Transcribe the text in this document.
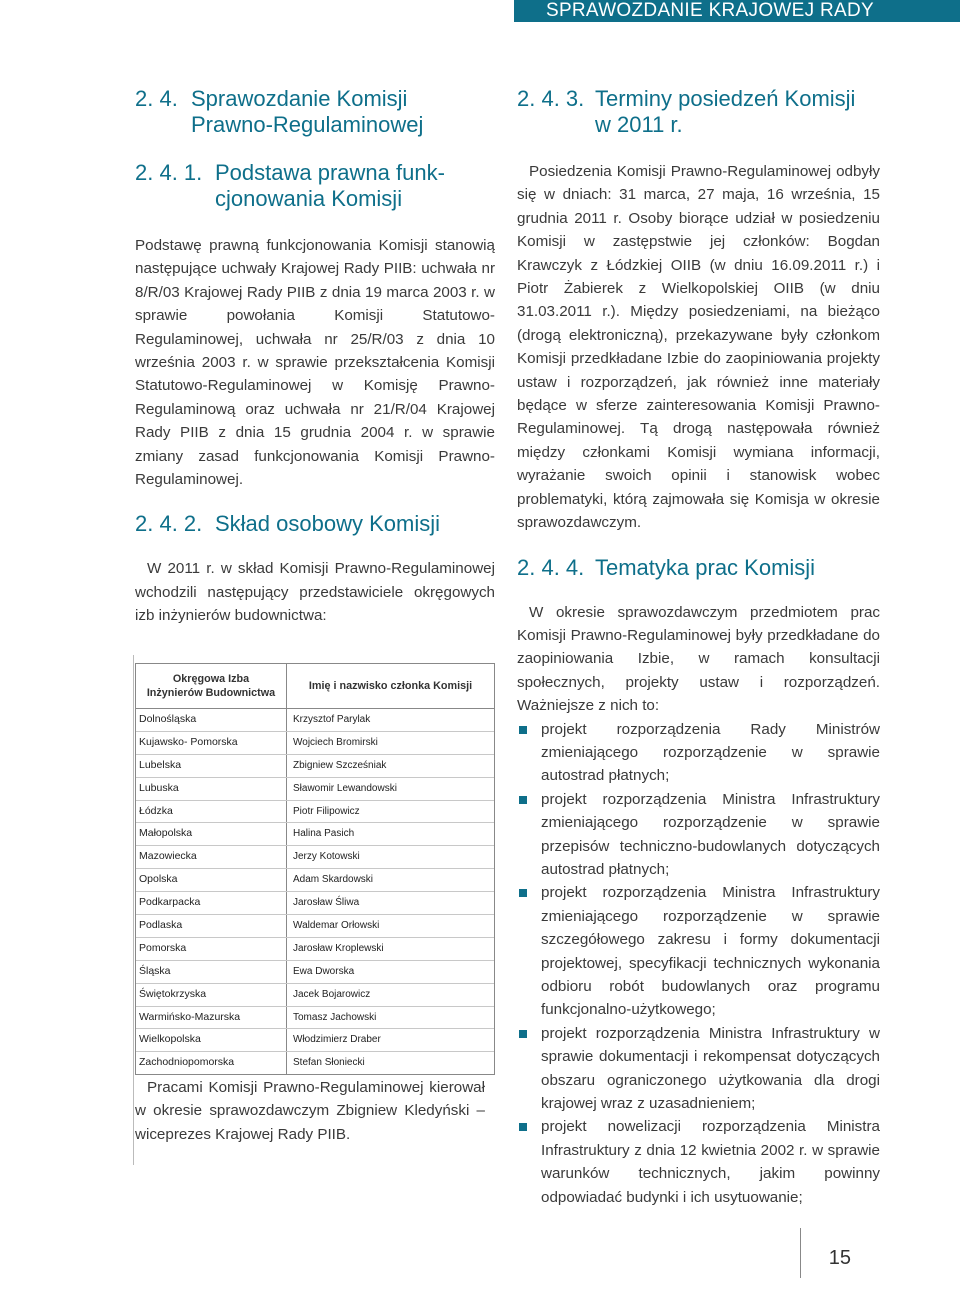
SPRAWOZDANIE KRAJOWEJ RADY
2. 4. Sprawozdanie Komisji
Prawno-Regulaminowej
2. 4. 1. Podstawa prawna funk-
cjonowania Komisji

Podstawę prawną funkcjonowania Komisji stanowią następujące uchwały Krajowej Rady PIIB: uchwała nr 8/R/03 Krajowej Rady PIIB z dnia 19 marca 2003 r. w sprawie powołania Komisji Statutowo-Regulaminowej, uchwała nr 25/R/03 z dnia 10 września 2003 r. w sprawie przekształcenia Komisji Statutowo-Regulaminowej w Komisję Prawno-Regulaminową oraz uchwała nr 21/R/04 Krajowej Rady PIIB z dnia 15 grudnia 2004 r. w sprawie zmiany zasad funkcjonowania Komisji Prawno-Regulaminowej.

2. 4. 2. Skład osobowy Komisji

W 2011 r. w skład Komisji Prawno-Regulaminowej wchodzili następujący przedstawiciele okręgowych izb inżynierów budownictwa:

Okręgowa Izba
Inżynierów Budownictwa
Imię i nazwisko członka Komisji
Dolnośląska	Krzysztof Parylak
Kujawsko- Pomorska	Wojciech Bromirski
Lubelska	Zbigniew Szcześniak
Lubuska	Sławomir Lewandowski
Łódzka	Piotr Filipowicz
Małopolska	Halina Pasich
Mazowiecka	Jerzy Kotowski
Opolska	Adam Skardowski
Podkarpacka	Jarosław Śliwa
Podlaska	Waldemar Orłowski
Pomorska	Jarosław Kroplewski
Śląska	Ewa Dworska
Świętokrzyska	Jacek Bojarowicz
Warmińsko-Mazurska	Tomasz Jachowski
Wielkopolska	Włodzimierz Draber
Zachodniopomorska	Stefan Słoniecki

Pracami Komisji Prawno-Regulaminowej kierował w okresie sprawozdawczym Zbigniew Kledyński – wiceprezes Krajowej Rady PIIB.

2. 4. 3. Terminy posiedzeń Komisji
w 2011 r.

Posiedzenia Komisji Prawno-Regulaminowej odbyły się w dniach: 31 marca, 27 maja, 16 września, 15 grudnia 2011 r. Osoby biorące udział w posiedzeniu Komisji w zastępstwie jej członków: Bogdan Krawczyk z Łódzkiej OIIB (w dniu 16.09.2011 r.) i Piotr Żabierek z Wielkopolskiej OIIB (w dniu 31.03.2011 r.). Między posiedzeniami, na bieżąco (drogą elektroniczną), przekazywane były członkom Komisji przedkładane Izbie do zaopiniowania projekty ustaw i rozporządzeń, jak również inne materiały będące w sferze zainteresowania Komisji Prawno-Regulaminowej. Tą drogą następowała również między członkami Komisji wymiana informacji, wyrażanie swoich opinii i stanowisk wobec problematyki, którą zajmowała się Komisja w okresie sprawozdawczym.

2. 4. 4. Tematyka prac Komisji

W okresie sprawozdawczym przedmiotem prac Komisji Prawno-Regulaminowej były przedkładane do zaopiniowania Izbie, w ramach konsultacji społecznych, projekty ustaw i rozporządzeń. Ważniejsze z nich to:

projekt rozporządzenia Rady Ministrów zmieniającego rozporządzenie w sprawie autostrad płatnych;
projekt rozporządzenia Ministra Infrastruktury zmieniającego rozporządzenie w sprawie przepisów techniczno-budowlanych dotyczących autostrad płatnych;
projekt rozporządzenia Ministra Infrastruktury zmieniającego rozporządzenie w sprawie szczegółowego zakresu i formy dokumentacji projektowej, specyfikacji technicznych wykonania odbioru robót budowlanych oraz programu funkcjonalno-użytkowego;
projekt rozporządzenia Ministra Infrastruktury w sprawie dokumentacji i rekompensat dotyczących obszaru ograniczonego użytkowania dla drogi krajowej wraz z uzasadnieniem;
projekt nowelizacji rozporządzenia Ministra Infrastruktury z dnia 12 kwietnia 2002 r. w sprawie warunków technicznych, jakim powinny odpowiadać budynki i ich usytuowanie;
15
